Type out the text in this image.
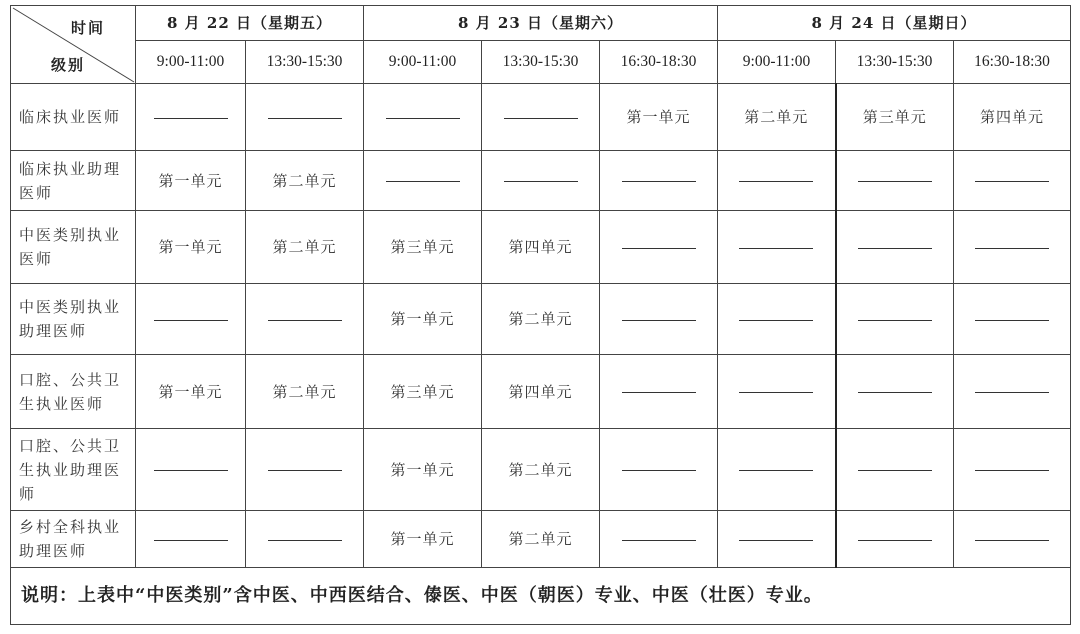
时间
级别	8 月 22 日（星期五）		8 月 23 日（星期六）			8 月 24 日（星期日）		
	9:00-11:00	13:30-15:30	9:00-11:00	13:30-15:30	16:30-18:30	9:00-11:00	13:30-15:30	16:30-18:30
临床执业医师					第一单元	第二单元	第三单元	第四单元
临床执业助理医师	第一单元	第二单元						
中医类别执业医师	第一单元	第二单元	第三单元	第四单元				
中医类别执业助理医师			第一单元	第二单元				
口腔、公共卫生执业医师	第一单元	第二单元	第三单元	第四单元				
口腔、公共卫生执业助理医师			第一单元	第二单元				
乡村全科执业助理医师			第一单元	第二单元				
说明：上表中“中医类别”含中医、中西医结合、傣医、中医（朝医）专业、中医（壮医）专业。								
